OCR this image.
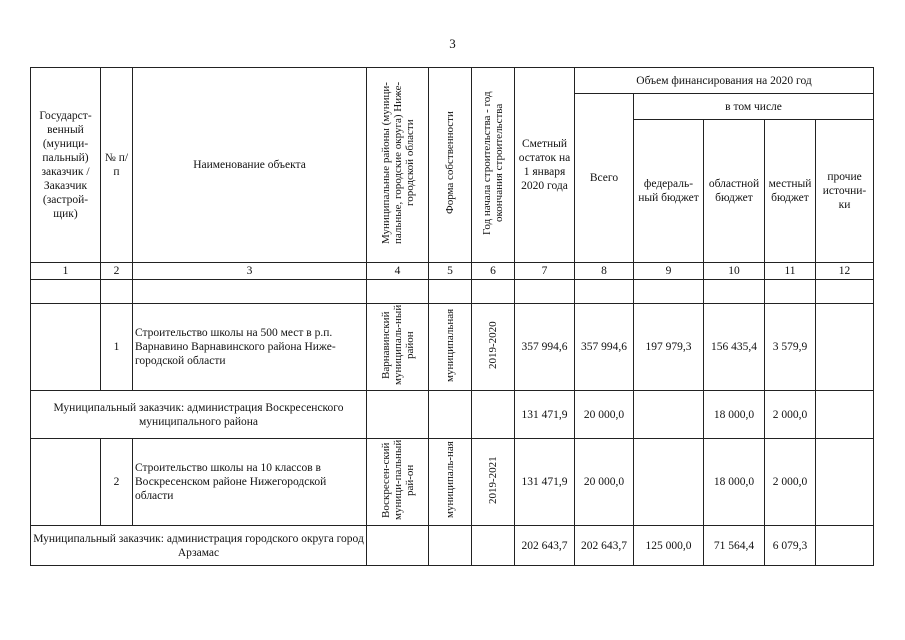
3
Государст-венный (муници-пальный) заказчик / Заказчик (застрой-щик)	№ п/п	Наименование объекта	Муниципальные районы (муници-пальные, городские округа) Ниже-городской области	Форма собственности	Год начала строительства - год окончания строительства	Сметный остаток на 1 января 2020 года	Объем финансирования на 2020 год				
							Всего	в том числе			
								федераль-ный бюджет	областной бюджет	местный бюджет	прочие источни-ки
1	2	3	4	5	6	7	8	9	10	11	12

	1	Строительство школы на 500 мест в р.п. Варнавино Варнавинского района Ниже-городской области	Варнавинский муниципаль-ный район	муниципальная	2019-2020	357 994,6	357 994,6	197 979,3	156 435,4	3 579,9	
Муниципальный заказчик: администрация Воскресенского муниципального района						131 471,9	20 000,0		18 000,0	2 000,0	
	2	Строительство школы на 10 классов в Воскресенском районе Нижегородской области	Воскресен-ский муници-пальный рай-он	муниципаль-ная	2019-2021	131 471,9	20 000,0		18 000,0	2 000,0	
Муниципальный заказчик: администрация городского округа город Арзамас						202 643,7	202 643,7	125 000,0	71 564,4	6 079,3	
